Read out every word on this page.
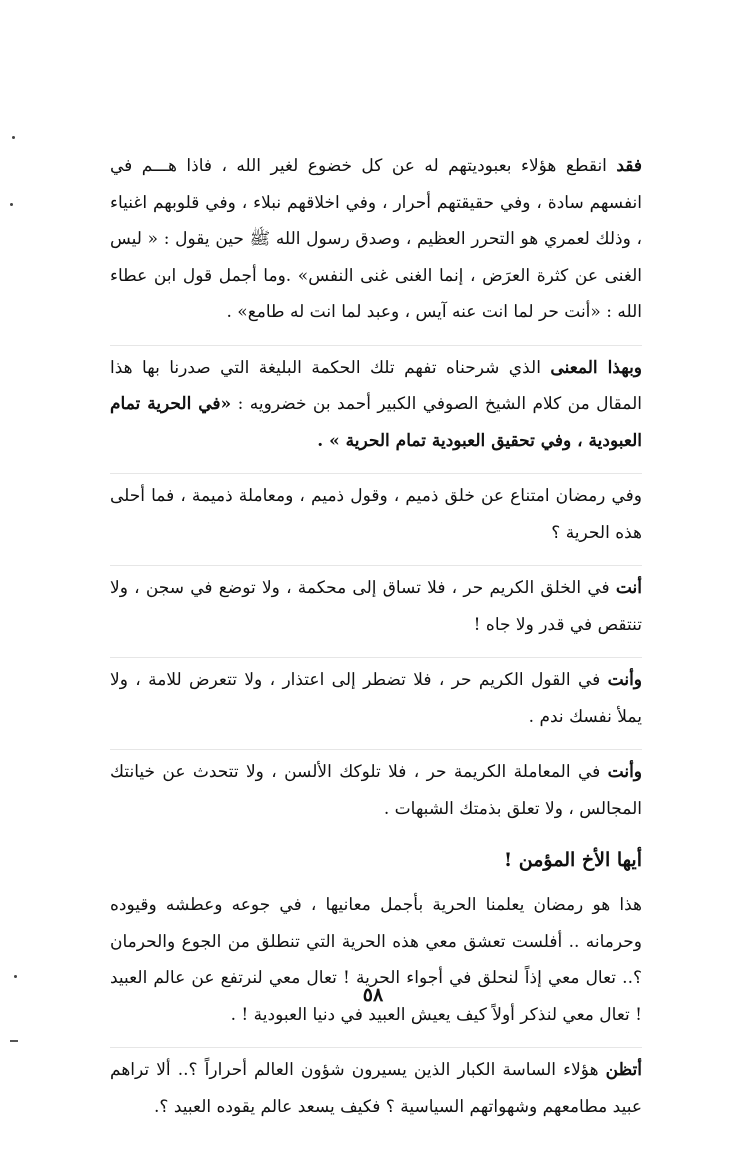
فقد انقطع هؤلاء بعبوديتهم له عن كل خضوع لغير الله ، فاذا هـــم في انفسهم سادة ، وفي حقيقتهم أحرار ، وفي اخلاقهم نبلاء ، وفي قلوبهم اغنياء ، وذلك لعمري هو التحرر العظيم ، وصدق رسول الله ﷺ حين يقول : « ليس الغنى عن كثرة العرَض ، إنما الغنى غنى النفس» .وما أجمل قول ابن عطاء الله : «أنت حر لما انت عنه آيس ، وعبد لما انت له طامع» .

وبهذا المعنى الذي شرحناه تفهم تلك الحكمة البليغة التي صدرنا بها هذا المقال من كلام الشيخ الصوفي الكبير أحمد بن خضرويه : «في الحرية تمام العبودية ، وفي تحقيق العبودية تمام الحرية » .

وفي رمضان امتناع عن خلق ذميم ، وقول ذميم ، ومعاملة ذميمة ، فما أحلى هذه الحرية ؟

أنت في الخلق الكريم حر ، فلا تساق إلى محكمة ، ولا توضع في سجن ، ولا تنتقص في قدر ولا جاه !

وأنت في القول الكريم حر ، فلا تضطر إلى اعتذار ، ولا تتعرض للامة ، ولا يملأ نفسك ندم .

وأنت في المعاملة الكريمة حر ، فلا تلوكك الألسن ، ولا تتحدث عن خيانتك المجالس ، ولا تعلق بذمتك الشبهات .

أيها الأخ المؤمن !

هذا هو رمضان يعلمنا الحرية بأجمل معانيها ، في جوعه وعطشه وقيوده وحرمانه .. أفلست تعشق معي هذه الحرية التي تنطلق من الجوع والحرمان ؟.. تعال معي إذاً لنحلق في أجواء الحرية ! تعال معي لنرتفع عن عالم العبيد ! تعال معي لنذكر أولاً كيف يعيش العبيد في دنيا العبودية ! .

أتظن هؤلاء الساسة الكبار الذين يسيرون شؤون العالم أحراراً ؟.. ألا تراهم عبيد مطامعهم وشهواتهم السياسية ؟ فكيف يسعد عالم يقوده العبيد ؟.

٥٨
